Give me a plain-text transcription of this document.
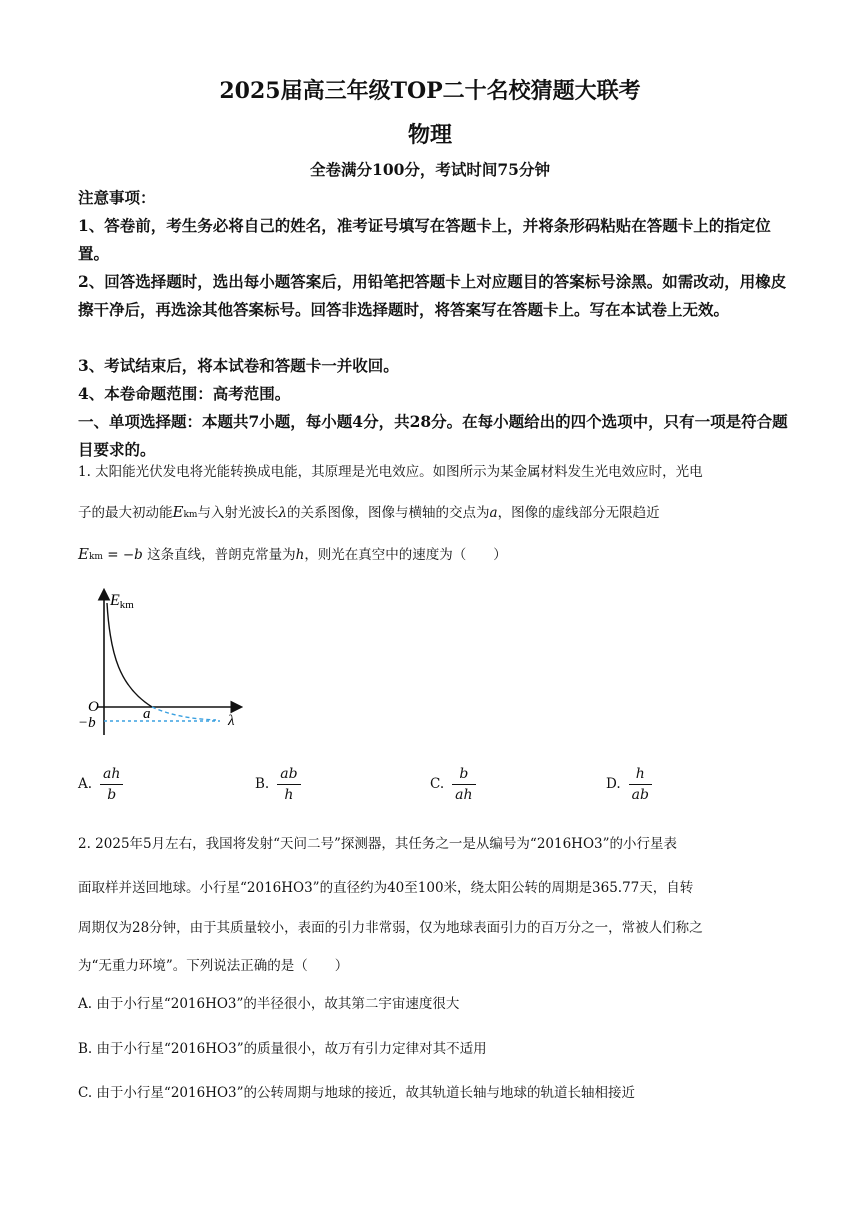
2025届高三年级TOP二十名校猜题大联考
物理
全卷满分100分，考试时间75分钟
注意事项：
1、答卷前，考生务必将自己的姓名，准考证号填写在答题卡上，并将条形码粘贴在答题卡上的指定位置。
2、回答选择题时，选出每小题答案后，用铅笔把答题卡上对应题目的答案标号涂黑。如需改动，用橡皮擦干净后，再选涂其他答案标号。回答非选择题时，将答案写在答题卡上。写在本试卷上无效。
3、考试结束后，将本试卷和答题卡一并收回。
4、本卷命题范围：高考范围。
一、单项选择题：本题共7小题，每小题4分，共28分。在每小题给出的四个选项中，只有一项是符合题目要求的。
1. 太阳能光伏发电将光能转换成电能，其原理是光电效应。如图所示为某金属材料发生光电效应时，光电
子的最大初动能Ekm与入射光波长λ的关系图像，图像与横轴的交点为a，图像的虚线部分无限趋近
Ekm = −b 这条直线，普朗克常量为h，则光在真空中的速度为（　　）
Ekm
O
−b
a	λ
A. $\frac{ah}{b}$	B. $\frac{ab}{h}$	C. $\frac{b}{ah}$	D. $\frac{h}{ab}$
2. 2025年5月左右，我国将发射“天问二号”探测器，其任务之一是从编号为“2016HO3”的小行星表
面取样并送回地球。小行星“2016HO3”的直径约为40至100米，绕太阳公转的周期是365.77天，自转
周期仅为28分钟，由于其质量较小，表面的引力非常弱，仅为地球表面引力的百万分之一，常被人们称之
为“无重力环境”。下列说法正确的是（　　）
A. 由于小行星“2016HO3”的半径很小，故其第二宇宙速度很大
B. 由于小行星“2016HO3”的质量很小，故万有引力定律对其不适用
C. 由于小行星“2016HO3”的公转周期与地球的接近，故其轨道长轴与地球的轨道长轴相接近
